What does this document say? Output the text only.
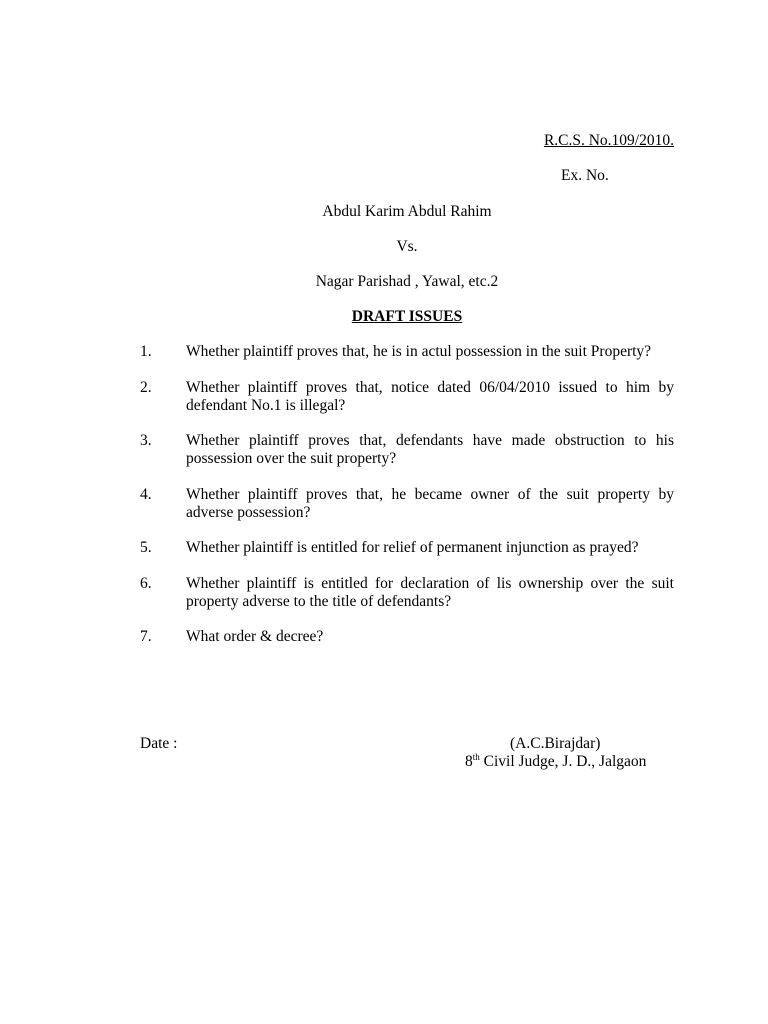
R.C.S. No.109/2010.
Ex. No.
Abdul Karim Abdul Rahim
Vs.
Nagar Parishad , Yawal, etc.2
DRAFT ISSUES
1.	Whether plaintiff proves that, he is in actul possession in the suit Property?
2.	Whether plaintiff proves that, notice dated 06/04/2010 issued to him by defendant No.1 is illegal?
3.	Whether plaintiff proves that, defendants have made obstruction to his possession over the suit property?
4.	Whether plaintiff proves that, he became owner of the suit property by adverse possession?
5.	Whether plaintiff is entitled for relief of permanent injunction as prayed?
6.	Whether plaintiff is entitled for declaration of lis ownership over the suit property adverse to the title of defendants?
7.	What order & decree?
Date :	(A.C.Birajdar)
8th Civil Judge, J. D., Jalgaon
